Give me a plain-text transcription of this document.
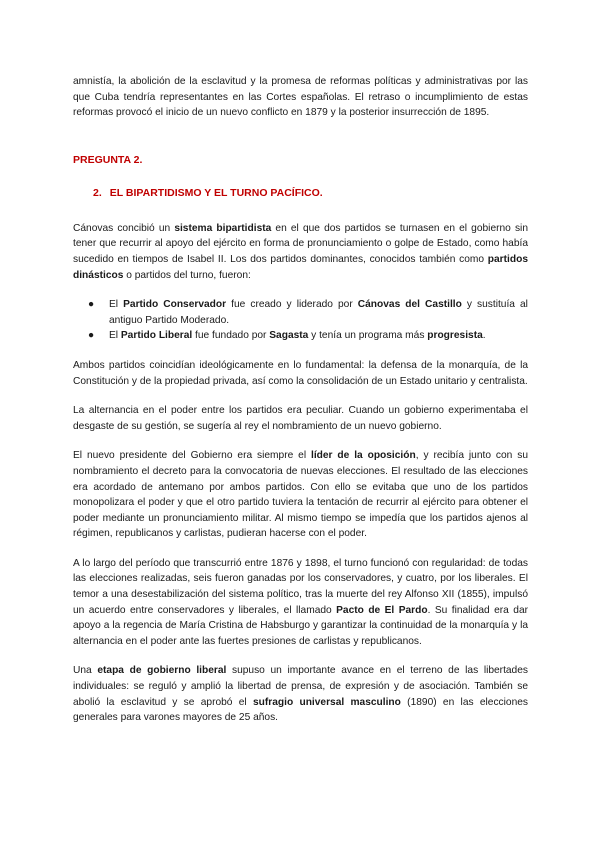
amnistía, la abolición de la esclavitud y la promesa de reformas políticas y administrativas por las que Cuba tendría representantes en las Cortes españolas. El retraso o incumplimiento de estas reformas provocó el inicio de un nuevo conflicto en 1879 y la posterior insurrección de 1895.

PREGUNTA 2.

2. EL BIPARTIDISMO Y EL TURNO PACÍFICO.

Cánovas concibió un sistema bipartidista en el que dos partidos se turnasen en el gobierno sin tener que recurrir al apoyo del ejército en forma de pronunciamiento o golpe de Estado, como había sucedido en tiempos de Isabel II. Los dos partidos dominantes, conocidos también como partidos dinásticos o partidos del turno, fueron:

● El Partido Conservador fue creado y liderado por Cánovas del Castillo y sustituía al antiguo Partido Moderado.
● El Partido Liberal fue fundado por Sagasta y tenía un programa más progresista.

Ambos partidos coincidían ideológicamente en lo fundamental: la defensa de la monarquía, de la Constitución y de la propiedad privada, así como la consolidación de un Estado unitario y centralista.

La alternancia en el poder entre los partidos era peculiar. Cuando un gobierno experimentaba el desgaste de su gestión, se sugería al rey el nombramiento de un nuevo gobierno.

El nuevo presidente del Gobierno era siempre el líder de la oposición, y recibía junto con su nombramiento el decreto para la convocatoria de nuevas elecciones. El resultado de las elecciones era acordado de antemano por ambos partidos. Con ello se evitaba que uno de los partidos monopolizara el poder y que el otro partido tuviera la tentación de recurrir al ejército para obtener el poder mediante un pronunciamiento militar. Al mismo tiempo se impedía que los partidos ajenos al régimen, republicanos y carlistas, pudieran hacerse con el poder.

A lo largo del período que transcurrió entre 1876 y 1898, el turno funcionó con regularidad: de todas las elecciones realizadas, seis fueron ganadas por los conservadores, y cuatro, por los liberales. El temor a una desestabilización del sistema político, tras la muerte del rey Alfonso XII (1855), impulsó un acuerdo entre conservadores y liberales, el llamado Pacto de El Pardo. Su finalidad era dar apoyo a la regencia de María Cristina de Habsburgo y garantizar la continuidad de la monarquía y la alternancia en el poder ante las fuertes presiones de carlistas y republicanos.

Una etapa de gobierno liberal supuso un importante avance en el terreno de las libertades individuales: se reguló y amplió la libertad de prensa, de expresión y de asociación. También se abolió la esclavitud y se aprobó el sufragio universal masculino (1890) en las elecciones generales para varones mayores de 25 años.
